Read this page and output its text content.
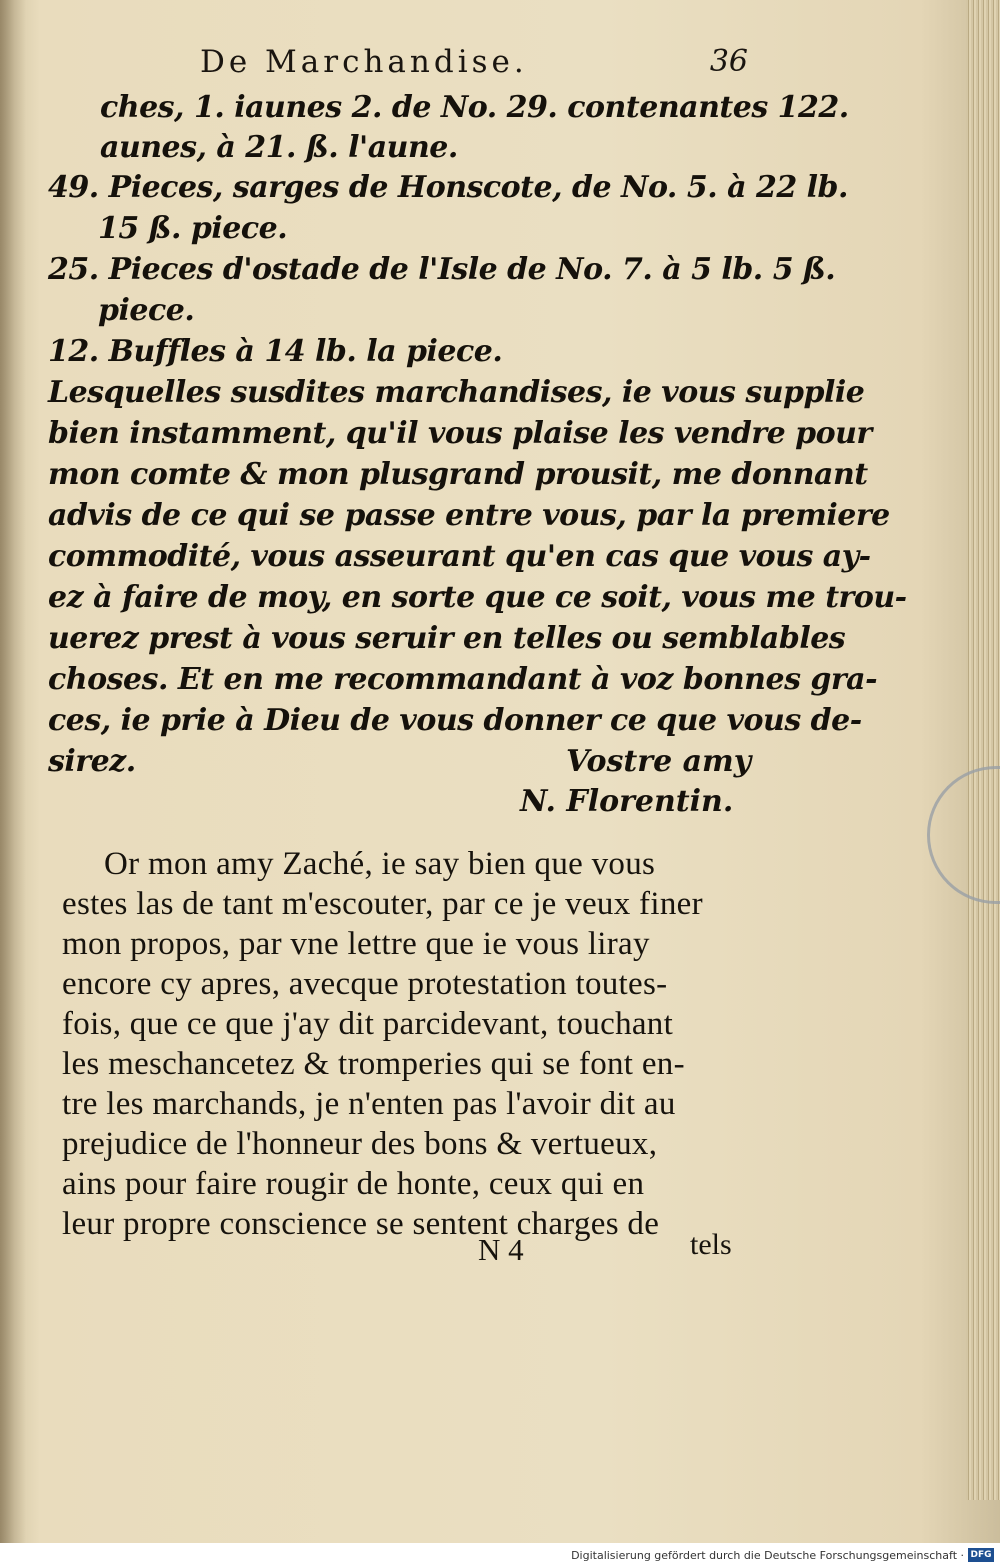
De Marchandise.	36
ches, 1. iaunes 2. de No. 29. contenantes 122.
aunes, à 21. ß. l'aune.
49. Pieces, sarges de Honscote, de No. 5. à 22 lb.
15 ß. piece.
25. Pieces d'ostade de l'Isle de No. 7. à 5 lb. 5 ß.
piece.
12. Buffles à 14 lb. la piece.
Lesquelles susdites marchandises, ie vous supplie
bien instamment, qu'il vous plaise les vendre pour
mon comte & mon plusgrand prousit, me donnant
advis de ce qui se passe entre vous, par la premiere
commodité, vous asseurant qu'en cas que vous ay-
ez à faire de moy, en sorte que ce soit, vous me trou-
uerez prest à vous seruir en telles ou semblables
choses. Et en me recommandant à voz bonnes gra-
ces, ie prie à Dieu de vous donner ce que vous de-
sirez.	Vostre amy
N. Florentin.
Or mon amy Zaché, ie say bien que vous
estes las de tant m'escouter, par ce je veux finer
mon propos, par vne lettre que ie vous liray
encore cy apres, avecque protestation toutes-
fois, que ce que j'ay dit parcidevant, touchant
les meschancetez & tromperies qui se font en-
tre les marchands, je n'enten pas l'avoir dit au
prejudice de l'honneur des bons & vertueux,
ains pour faire rougir de honte, ceux qui en
leur propre conscience se sentent charges de
N 4	tels
Digitalisierung gefördert durch die Deutsche Forschungsgemeinschaft · DFG
